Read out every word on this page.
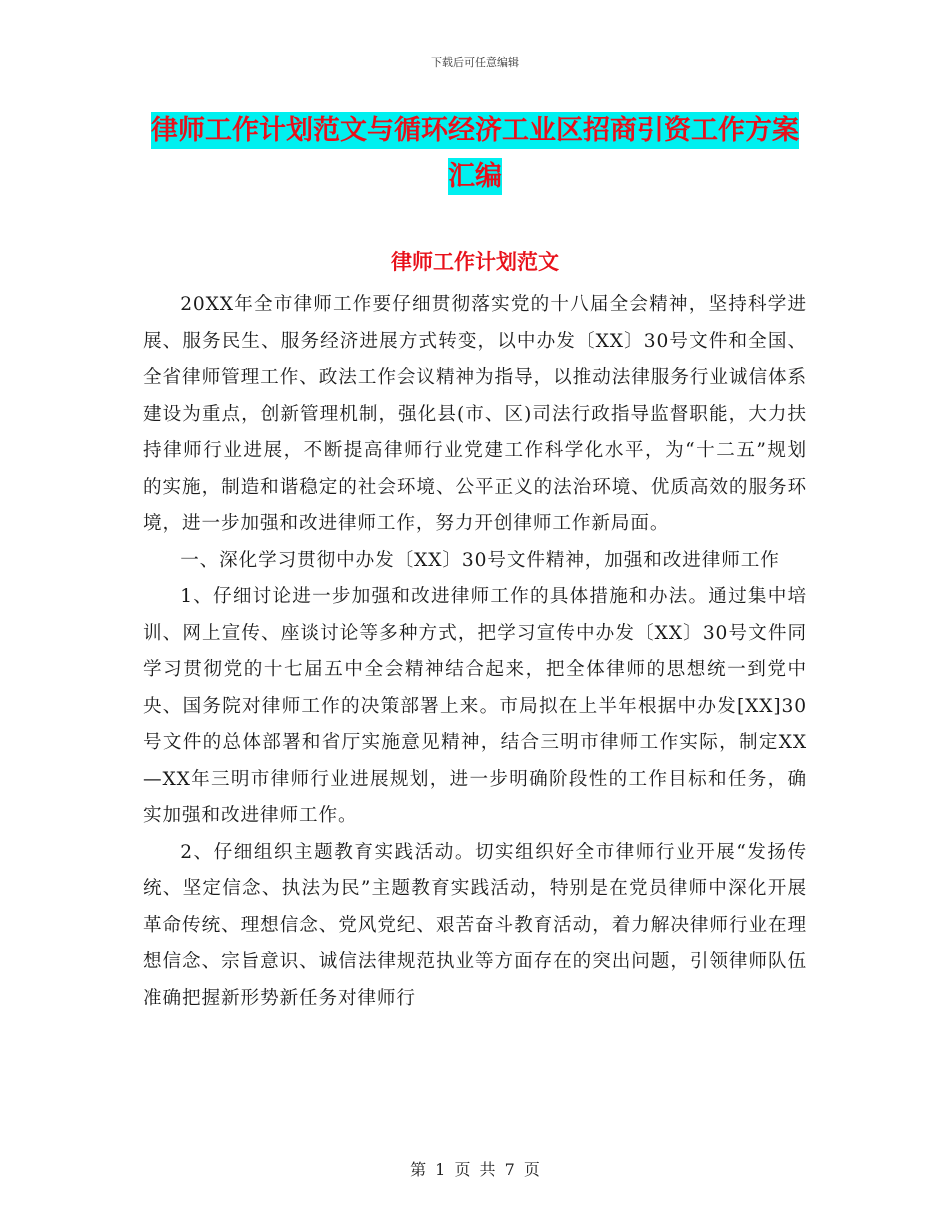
下载后可任意编辑
律师工作计划范文与循环经济工业区招商引资工作方案汇编
律师工作计划范文

20XX年全市律师工作要仔细贯彻落实党的十八届全会精神，坚持科学进展、服务民生、服务经济进展方式转变，以中办发〔XX〕30号文件和全国、全省律师管理工作、政法工作会议精神为指导，以推动法律服务行业诚信体系建设为重点，创新管理机制，强化县(市、区)司法行政指导监督职能，大力扶持律师行业进展，不断提高律师行业党建工作科学化水平，为“十二五”规划的实施，制造和谐稳定的社会环境、公平正义的法治环境、优质高效的服务环境，进一步加强和改进律师工作，努力开创律师工作新局面。

一、深化学习贯彻中办发〔XX〕30号文件精神，加强和改进律师工作

1、仔细讨论进一步加强和改进律师工作的具体措施和办法。通过集中培训、网上宣传、座谈讨论等多种方式，把学习宣传中办发〔XX〕30号文件同学习贯彻党的十七届五中全会精神结合起来，把全体律师的思想统一到党中央、国务院对律师工作的决策部署上来。市局拟在上半年根据中办发[XX]30号文件的总体部署和省厅实施意见精神，结合三明市律师工作实际，制定XX—XX年三明市律师行业进展规划，进一步明确阶段性的工作目标和任务，确实加强和改进律师工作。

2、仔细组织主题教育实践活动。切实组织好全市律师行业开展“发扬传统、坚定信念、执法为民”主题教育实践活动，特别是在党员律师中深化开展革命传统、理想信念、党风党纪、艰苦奋斗教育活动，着力解决律师行业在理想信念、宗旨意识、诚信法律规范执业等方面存在的突出问题，引领律师队伍准确把握新形势新任务对律师行

第 1 页 共 7 页
